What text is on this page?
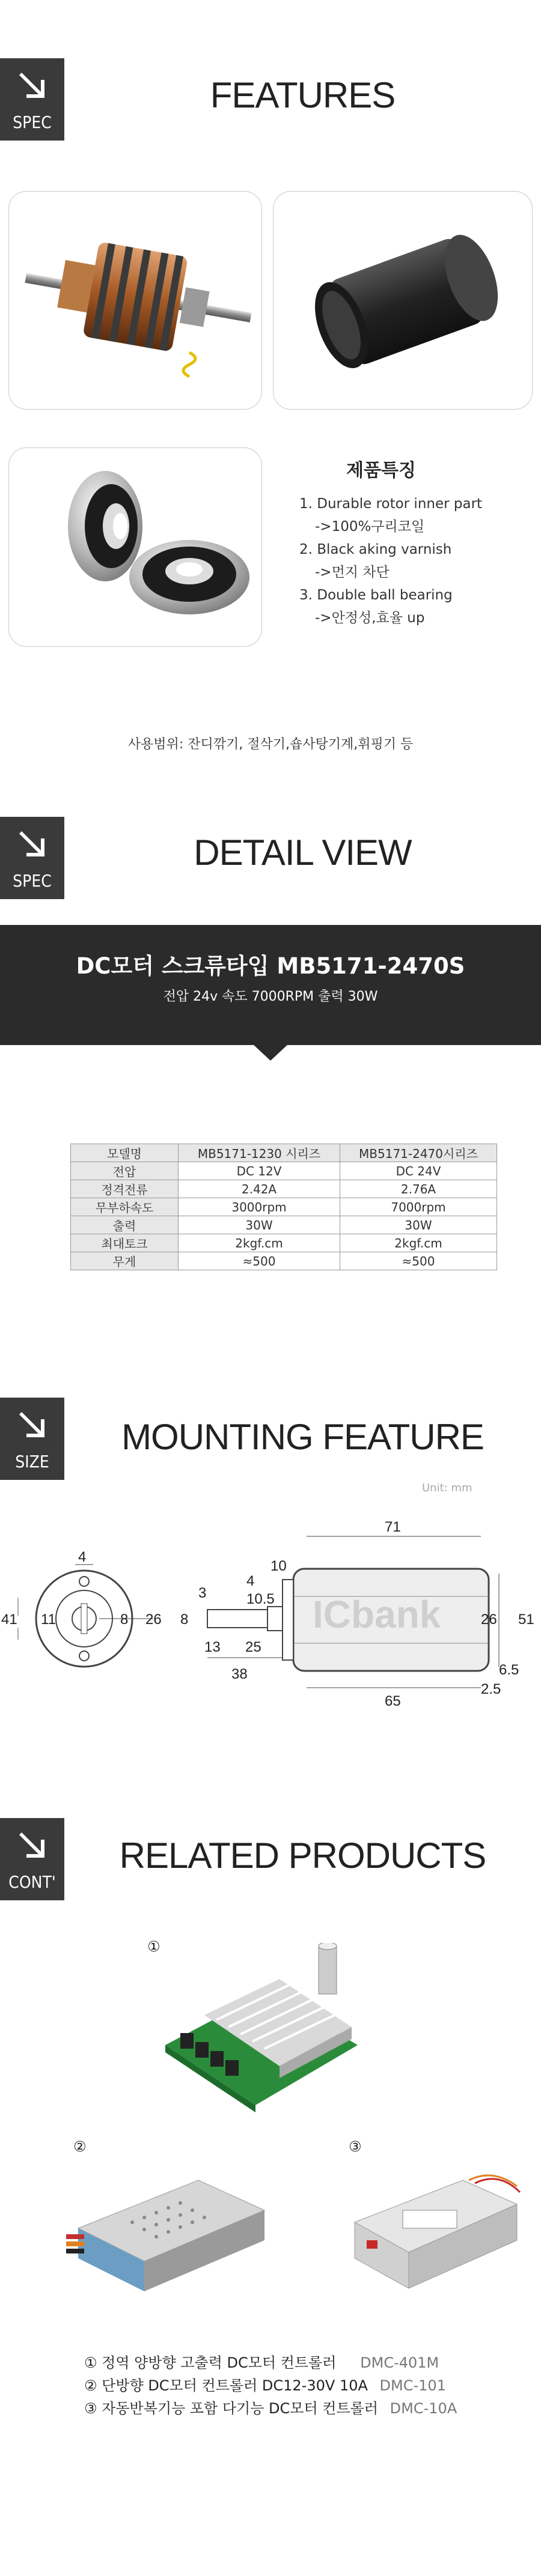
SPEC
FEATURES
제품특징
1. Durable rotor inner part
->100%구리코일
2. Black aking varnish
->먼지 차단
3. Double ball bearing
->안정성,효율 up
사용범위: 잔디깎기, 절삭기,숍사탕기계,휘핑기 등
SPEC
DETAIL VIEW
DC모터 스크류타입 MB5171-2470S
전압 24v 속도 7000RPM 출력 30W
모델명	MB5171-1230 시리즈	MB5171-2470시리즈
전압	DC 12V	DC 24V
정격전류	2.42A	2.76A
무부하속도	3000rpm	7000rpm
출력	30W	30W
최대토크	2kgf.cm	2kgf.cm
무게	≈500	≈500
SIZE
MOUNTING FEATURE
Unit: mm
41
4
11	8 26
3
8
10
4
10.5
13 25
38
71
65
26 51
6.5
2.5
ICbank
CONT'
RELATED PRODUCTS
①
②	③
① 정역 양방향 고출력 DC모터 컨트롤러 DMC-401M
② 단방향 DC모터 컨트롤러 DC12-30V 10A DMC-101
③ 자동반복기능 포함 다기능 DC모터 컨트롤러 DMC-10A
